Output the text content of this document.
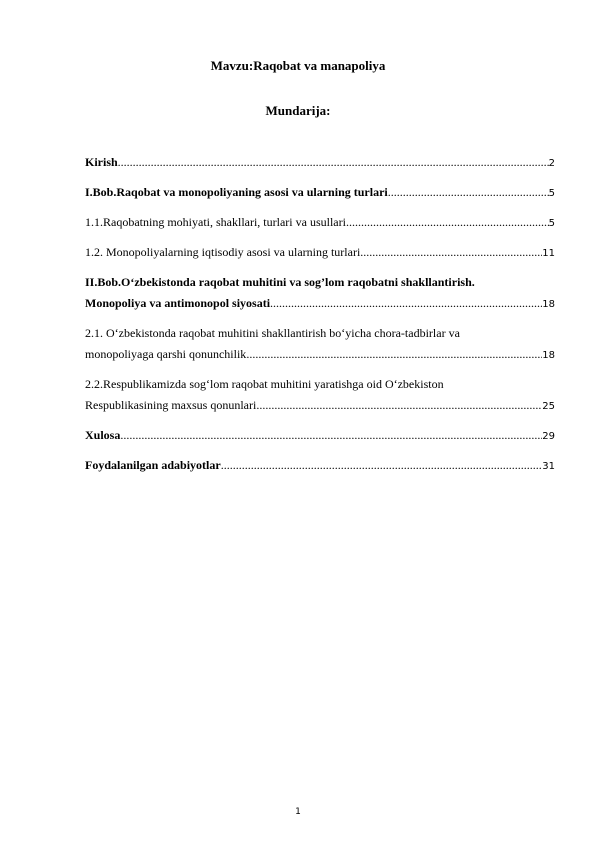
Mavzu:Raqobat va manapoliya
Mundarija:
Kirish .....	2
I.Bob.Raqobat va monopoliyaning asosi va ularning turlari .....	5
1.1.Raqobatning mohiyati, shakllari, turlari va usullari .....	5
1.2. Monopoliyalarning iqtisodiy asosi va ularning turlari .....	11
II.Bob.O‘zbekistonda raqobat muhitini va sog’lom raqobatni shakllantirish.
Monopoliya va antimonopol siyosati .....	18
2.1. O‘zbekistonda raqobat muhitini shakllantirish bo‘yicha chora-tadbirlar va
monopoliyaga qarshi qonunchilik .....	18
2.2.Respublikamizda sog‘lom raqobat muhitini yaratishga oid O‘zbekiston
Respublikasining maxsus qonunlari .....	25
Xulosa .....	29
Foydalanilgan adabiyotlar .....	31
1
